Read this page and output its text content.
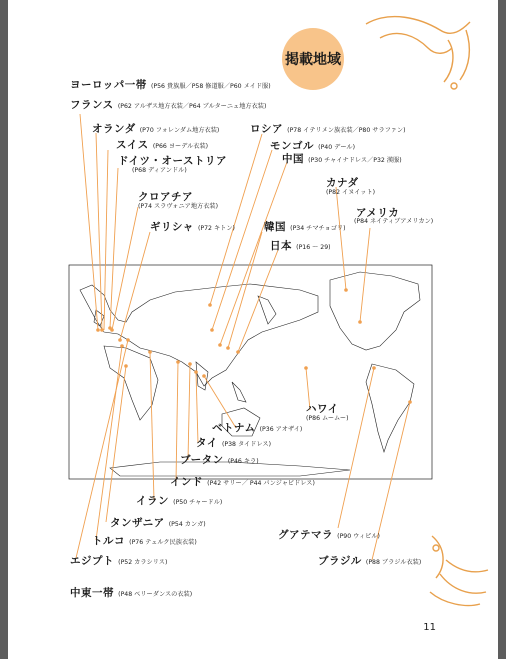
掲載地域
ヨーロッパ一帯 (P56 貴族服／P58 修道服／P60 メイド服)
フランス (P62 アルザス地方衣装／P64 ブルターニュ地方衣装)
オランダ (P70 フォレンダム地方衣装)
スイス (P66 ヨーデル衣装)
ドイツ・オーストリア
(P68 ディアンドル)
クロアチア
(P74 スラヴォニア地方衣装)
ギリシャ (P72 キトン)
ロシア (P78 イテリメン族衣装／P80 サラファン)
モンゴル (P40 デール)
中国 (P30 チャイナドレス／P32 漢服)
カナダ
(P82 イヌイット)
アメリカ
(P84 ネイティブアメリカン)
韓国 (P34 チマチョゴリ)
日本 (P16 〜 29)
ハワイ
(P86 ムームー)
ベトナム (P36 アオザイ)
タイ (P38 タイドレス)
ブータン (P46 キラ)
インド (P42 サリー／ P44 パンジャビドレス)
イラン (P50 チャードル)
タンザニア (P54 カンガ)
トルコ (P76 テュルク民族衣装)
エジプト (P52 カラシリス)
グアテマラ (P90 ウィピル)
ブラジル (P88 ブラジル衣装)
中東一帯 (P48 ベリーダンスの衣装)
11
